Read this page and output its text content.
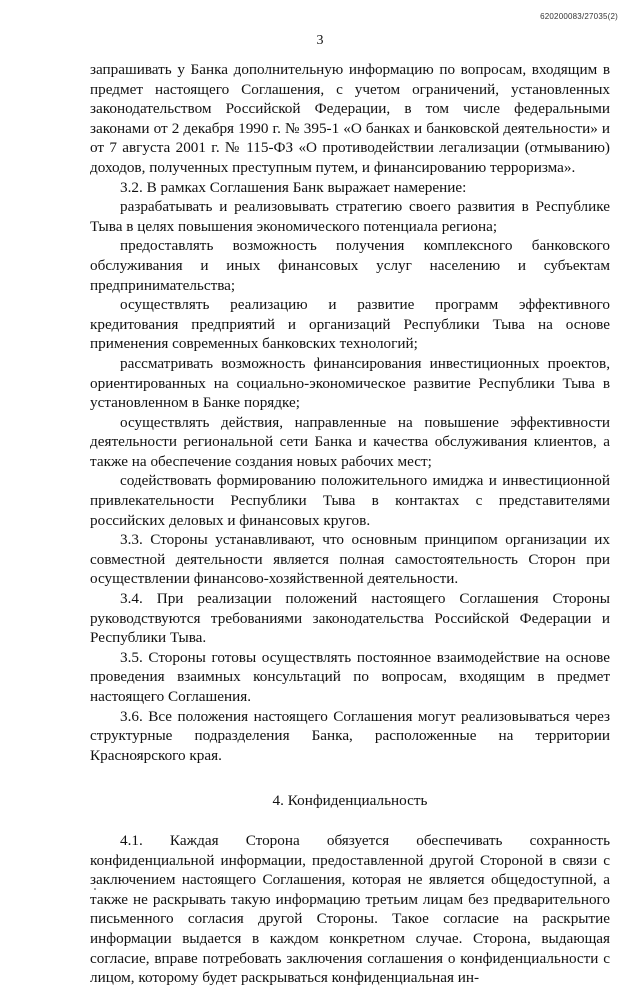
620200083/27035(2)
3

запрашивать у Банка дополнительную информацию по вопросам, входящим в предмет настоящего Соглашения, с учетом ограничений, установленных законодательством Российской Федерации, в том числе федеральными законами от 2 декабря 1990 г. № 395-1 «О банках и банковской деятельности» и от 7 августа 2001 г. № 115-ФЗ «О противодействии легализации (отмыванию) доходов, полученных преступным путем, и финансированию терроризма».

3.2. В рамках Соглашения Банк выражает намерение:

разрабатывать и реализовывать стратегию своего развития в Республике Тыва в целях повышения экономического потенциала региона;

предоставлять возможность получения комплексного банковского обслуживания и иных финансовых услуг населению и субъектам предпринимательства;

осуществлять реализацию и развитие программ эффективного кредитования предприятий и организаций Республики Тыва на основе применения современных банковских технологий;

рассматривать возможность финансирования инвестиционных проектов, ориентированных на социально-экономическое развитие Республики Тыва в установленном в Банке порядке;

осуществлять действия, направленные на повышение эффективности деятельности региональной сети Банка и качества обслуживания клиентов, а также на обеспечение создания новых рабочих мест;

содействовать формированию положительного имиджа и инвестиционной привлекательности Республики Тыва в контактах с представителями российских деловых и финансовых кругов.

3.3. Стороны устанавливают, что основным принципом организации их совместной деятельности является полная самостоятельность Сторон при осуществлении финансово-хозяйственной деятельности.

3.4. При реализации положений настоящего Соглашения Стороны руководствуются требованиями законодательства Российской Федерации и Республики Тыва.

3.5. Стороны готовы осуществлять постоянное взаимодействие на основе проведения взаимных консультаций по вопросам, входящим в предмет настоящего Соглашения.

3.6. Все положения настоящего Соглашения могут реализовываться через структурные подразделения Банка, расположенные на территории Красноярского края.

4. Конфиденциальность

4.1. Каждая Сторона обязуется обеспечивать сохранность конфиденциальной информации, предоставленной другой Стороной в связи с заключением настоящего Соглашения, которая не является общедоступной, а также не раскрывать такую информацию третьим лицам без предварительного письменного согласия другой Стороны. Такое согласие на раскрытие информации выдается в каждом конкретном случае. Сторона, выдающая согласие, вправе потребовать заключения соглашения о конфиденциальности с лицом, которому будет раскрываться конфиденциальная ин-
